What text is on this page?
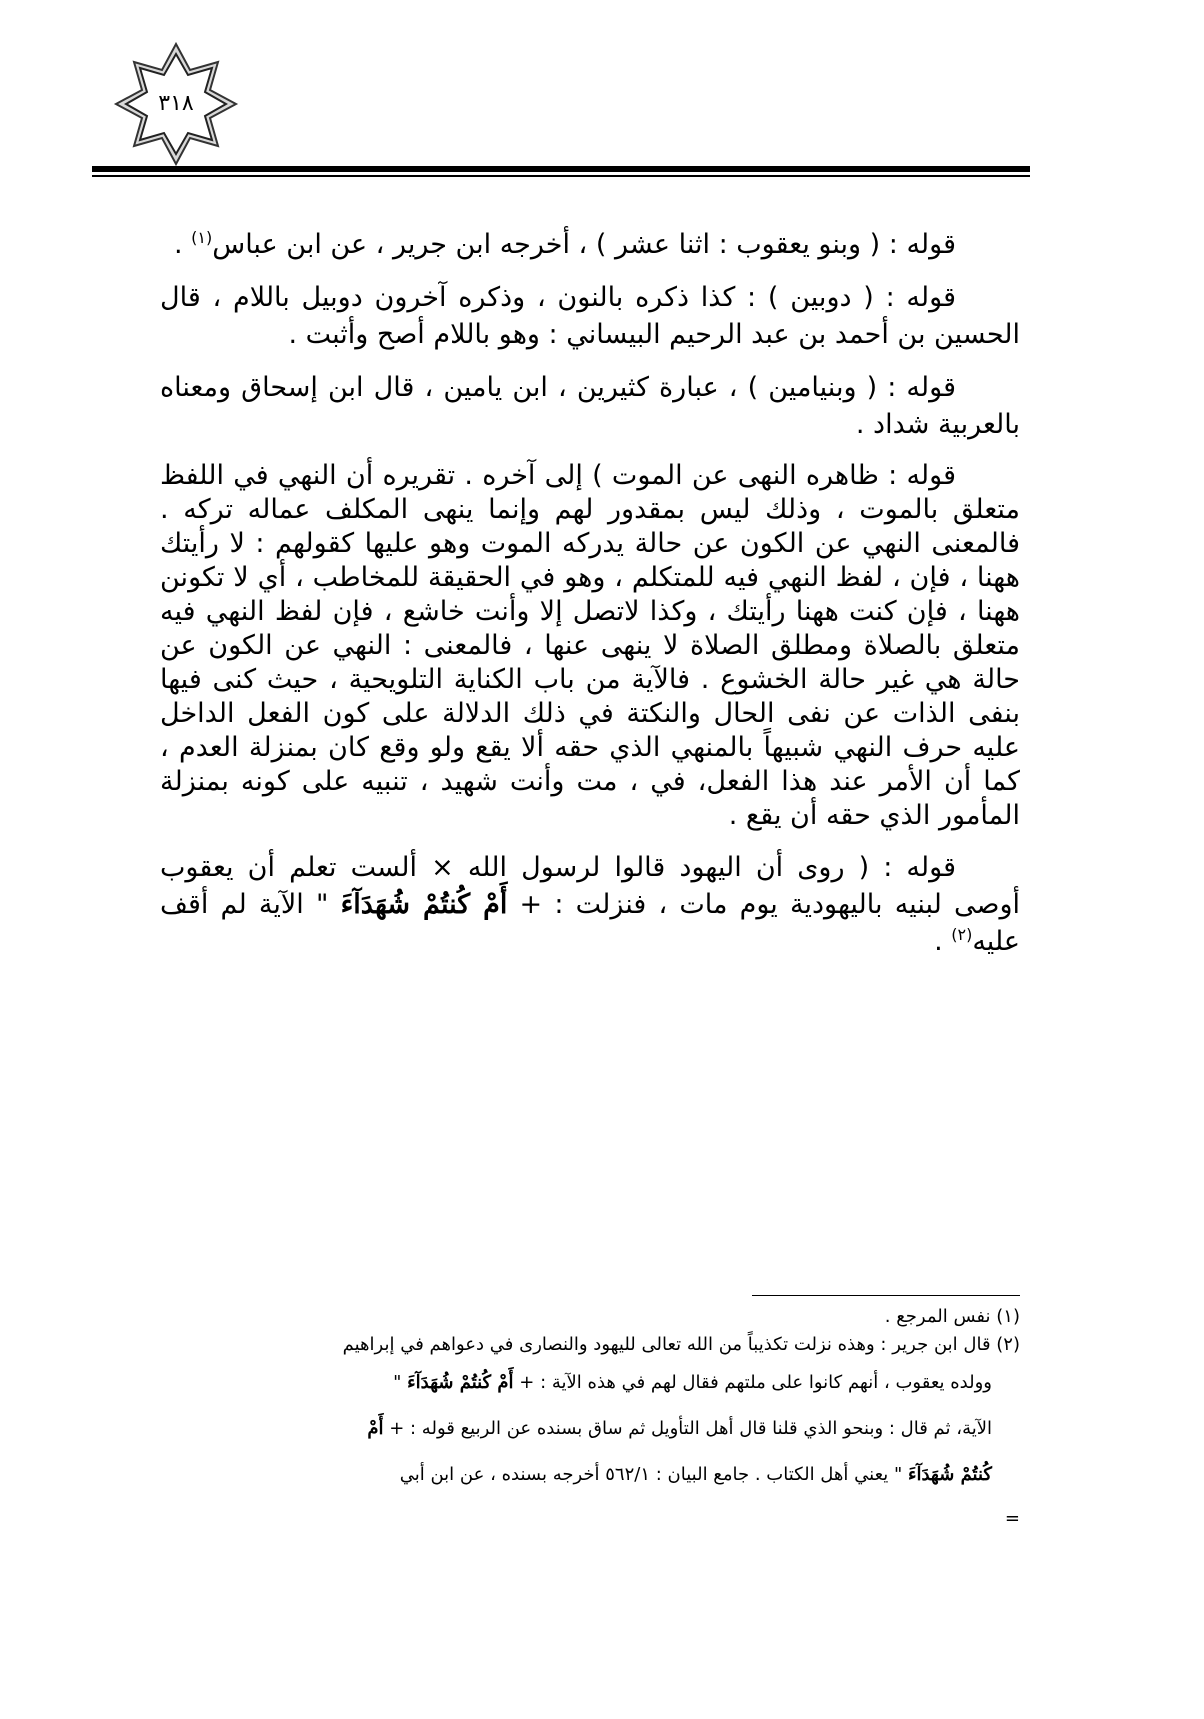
٣١٨

قوله : ( وبنو يعقوب : اثنا عشر ) ، أخرجه ابن جرير ، عن ابن عباس$^{(١)}$ .

قوله : ( دوبين ) : كذا ذكره بالنون ، وذكره آخرون دوبيل باللام ، قال الحسين بن أحمد بن عبد الرحيم البيساني : وهو باللام أصح وأثبت .

قوله : ( وبنيامين ) ، عبارة كثيرين ، ابن يامين ، قال ابن إسحاق ومعناه بالعربية شداد .

قوله : ظاهره النهى عن الموت ) إلى آخره . تقريره أن النهي في اللفظ متعلق بالموت ، وذلك ليس بمقدور لهم وإنما ينهى المكلف عماله تركه . فالمعنى النهي عن الكون عن حالة يدركه الموت وهو عليها كقولهم : لا رأيتك ههنا ، فإن ، لفظ النهي فيه للمتكلم ، وهو في الحقيقة للمخاطب ، أي لا تكونن ههنا ، فإن كنت ههنا رأيتك ، وكذا لاتصل إلا وأنت خاشع ، فإن لفظ النهي فيه متعلق بالصلاة ومطلق الصلاة لا ينهى عنها ، فالمعنى : النهي عن الكون عن حالة هي غير حالة الخشوع . فالآية من باب الكناية التلويحية ، حيث كنى فيها بنفى الذات عن نفى الحال والنكتة في ذلك الدلالة على كون الفعل الداخل عليه حرف النهي شبيهاً بالمنهي الذي حقه ألا يقع ولو وقع كان بمنزلة العدم ، كما أن الأمر عند هذا الفعل، في ، مت وأنت شهيد ، تنبيه على كونه بمنزلة المأمور الذي حقه أن يقع .

قوله : ( روى أن اليهود قالوا لرسول الله × ألست تعلم أن يعقوب أوصى لبنيه باليهودية يوم مات ، فنزلت : + أَمْ كُنتُمْ شُهَدَآءَ " الآية لم أقف عليه$^{(٢)}$ .

(١) نفس المرجع .
(٢) قال ابن جرير : وهذه نزلت تكذيباً من الله تعالى لليهود والنصارى في دعواهم في إبراهيم
وولده يعقوب ، أنهم كانوا على ملتهم فقال لهم في هذه الآية : + أَمْ كُنتُمْ شُهَدَآءَ "
الآية، ثم قال : وبنحو الذي قلنا قال أهل التأويل ثم ساق بسنده عن الربيع قوله : + أَمْ
كُنتُمْ شُهَدَآءَ " يعني أهل الكتاب . جامع البيان : ٥٦٢/١ أخرجه بسنده ، عن ابن أبي
=
